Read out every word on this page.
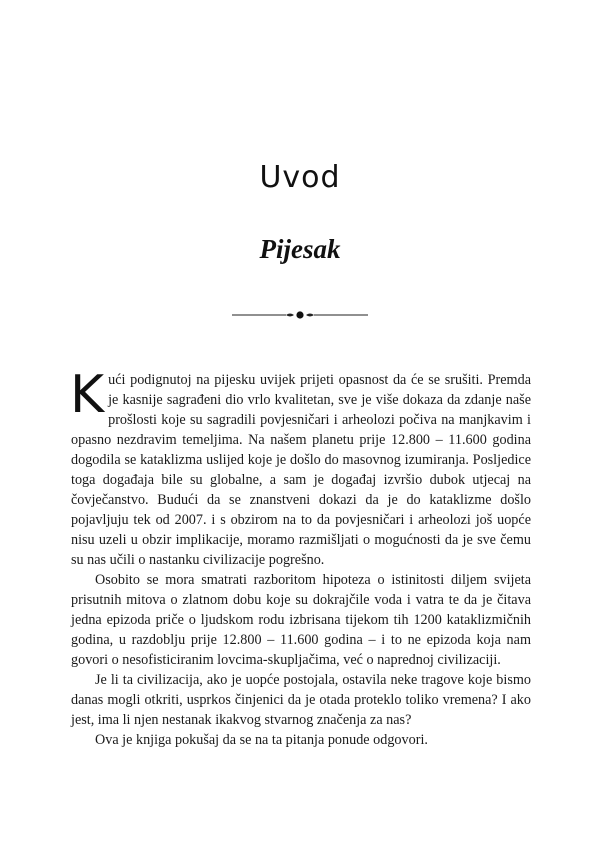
Uvod
Pijesak

Kući podignutoj na pijesku uvijek prijeti opasnost da će se srušiti. Premda je kasnije sagrađeni dio vrlo kvalitetan, sve je više dokaza da zdanje naše prošlosti koje su sagradili povjesničari i arheolozi počiva na manjkavim i opasno nezdravim temeljima. Na našem planetu prije 12.800 – 11.600 godina dogodila se kataklizma uslijed koje je došlo do masovnog izumiranja. Posljedice toga događaja bile su globalne, a sam je događaj izvršio dubok utjecaj na čovječanstvo. Budući da se znanstveni dokazi da je do kataklizme došlo pojavljuju tek od 2007. i s obzirom na to da povjesničari i arheolozi još uopće nisu uzeli u obzir implikacije, moramo razmišljati o mogućnosti da je sve čemu su nas učili o nastanku civilizacije pogrešno.

Osobito se mora smatrati razboritom hipoteza o istinitosti diljem svijeta prisutnih mitova o zlatnom dobu koje su dokrajčile voda i vatra te da je čitava jedna epizoda priče o ljudskom rodu izbrisana tijekom tih 1200 kataklizmičnih godina, u razdoblju prije 12.800 – 11.600 godina – i to ne epizoda koja nam govori o nesofisticiranim lovcima-skupljačima, već o naprednoj civilizaciji.

Je li ta civilizacija, ako je uopće postojala, ostavila neke tragove koje bismo danas mogli otkriti, usprkos činjenici da je otada proteklo toliko vremena? I ako jest, ima li njen nestanak ikakvog stvarnog značenja za nas?

Ova je knjiga pokušaj da se na ta pitanja ponude odgovori.
